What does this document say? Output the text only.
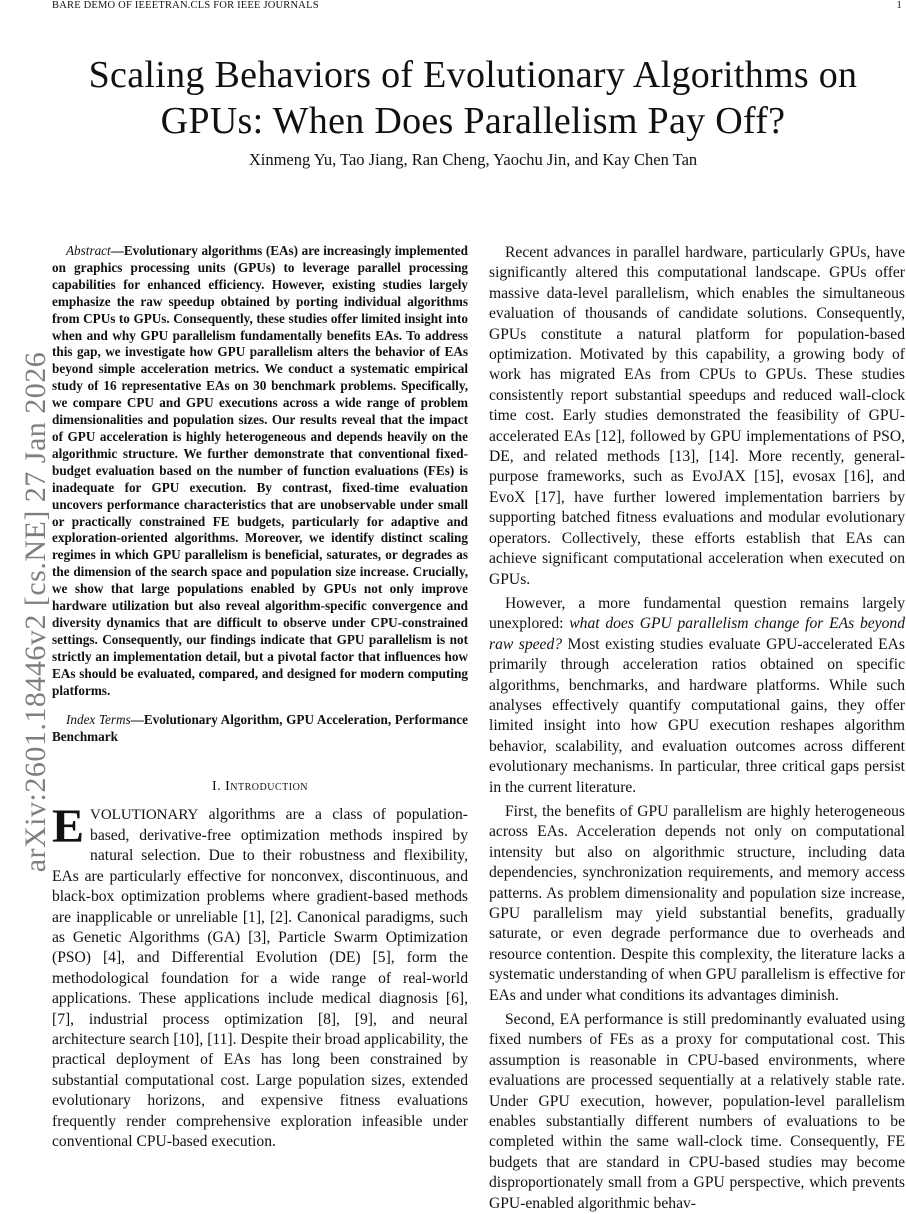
BARE DEMO OF IEEETRAN.CLS FOR IEEE JOURNALS	1
arXiv:2601.18446v2 [cs.NE] 27 Jan 2026
Scaling Behaviors of Evolutionary Algorithms on GPUs: When Does Parallelism Pay Off?
Xinmeng Yu, Tao Jiang, Ran Cheng, Yaochu Jin, and Kay Chen Tan

Abstract—Evolutionary algorithms (EAs) are increasingly implemented on graphics processing units (GPUs) to leverage parallel processing capabilities for enhanced efficiency. However, existing studies largely emphasize the raw speedup obtained by porting individual algorithms from CPUs to GPUs. Consequently, these studies offer limited insight into when and why GPU parallelism fundamentally benefits EAs. To address this gap, we investigate how GPU parallelism alters the behavior of EAs beyond simple acceleration metrics. We conduct a systematic empirical study of 16 representative EAs on 30 benchmark problems. Specifically, we compare CPU and GPU executions across a wide range of problem dimensionalities and population sizes. Our results reveal that the impact of GPU acceleration is highly heterogeneous and depends heavily on the algorithmic structure. We further demonstrate that conventional fixed-budget evaluation based on the number of function evaluations (FEs) is inadequate for GPU execution. By contrast, fixed-time evaluation uncovers performance characteristics that are unobservable under small or practically constrained FE budgets, particularly for adaptive and exploration-oriented algorithms. Moreover, we identify distinct scaling regimes in which GPU parallelism is beneficial, saturates, or degrades as the dimension of the search space and population size increase. Crucially, we show that large populations enabled by GPUs not only improve hardware utilization but also reveal algorithm-specific convergence and diversity dynamics that are difficult to observe under CPU-constrained settings. Consequently, our findings indicate that GPU parallelism is not strictly an implementation detail, but a pivotal factor that influences how EAs should be evaluated, compared, and designed for modern computing platforms.

Index Terms—Evolutionary Algorithm, GPU Acceleration, Performance Benchmark

I. Introduction

EVOLUTIONARY algorithms are a class of population-based, derivative-free optimization methods inspired by natural selection. Due to their robustness and flexibility, EAs are particularly effective for nonconvex, discontinuous, and black-box optimization problems where gradient-based methods are inapplicable or unreliable [1], [2]. Canonical paradigms, such as Genetic Algorithms (GA) [3], Particle Swarm Optimization (PSO) [4], and Differential Evolution (DE) [5], form the methodological foundation for a wide range of real-world applications. These applications include medical diagnosis [6], [7], industrial process optimization [8], [9], and neural architecture search [10], [11]. Despite their broad applicability, the practical deployment of EAs has long been constrained by substantial computational cost. Large population sizes, extended evolutionary horizons, and expensive fitness evaluations frequently render comprehensive exploration infeasible under conventional CPU-based execution.

Recent advances in parallel hardware, particularly GPUs, have significantly altered this computational landscape. GPUs offer massive data-level parallelism, which enables the simultaneous evaluation of thousands of candidate solutions. Consequently, GPUs constitute a natural platform for population-based optimization. Motivated by this capability, a growing body of work has migrated EAs from CPUs to GPUs. These studies consistently report substantial speedups and reduced wall-clock time cost. Early studies demonstrated the feasibility of GPU-accelerated EAs [12], followed by GPU implementations of PSO, DE, and related methods [13], [14]. More recently, general-purpose frameworks, such as EvoJAX [15], evosax [16], and EvoX [17], have further lowered implementation barriers by supporting batched fitness evaluations and modular evolutionary operators. Collectively, these efforts establish that EAs can achieve significant computational acceleration when executed on GPUs.

However, a more fundamental question remains largely unexplored: what does GPU parallelism change for EAs beyond raw speed? Most existing studies evaluate GPU-accelerated EAs primarily through acceleration ratios obtained on specific algorithms, benchmarks, and hardware platforms. While such analyses effectively quantify computational gains, they offer limited insight into how GPU execution reshapes algorithm behavior, scalability, and evaluation outcomes across different evolutionary mechanisms. In particular, three critical gaps persist in the current literature.

First, the benefits of GPU parallelism are highly heterogeneous across EAs. Acceleration depends not only on computational intensity but also on algorithmic structure, including data dependencies, synchronization requirements, and memory access patterns. As problem dimensionality and population size increase, GPU parallelism may yield substantial benefits, gradually saturate, or even degrade performance due to overheads and resource contention. Despite this complexity, the literature lacks a systematic understanding of when GPU parallelism is effective for EAs and under what conditions its advantages diminish.

Second, EA performance is still predominantly evaluated using fixed numbers of FEs as a proxy for computational cost. This assumption is reasonable in CPU-based environments, where evaluations are processed sequentially at a relatively stable rate. Under GPU execution, however, population-level parallelism enables substantially different numbers of evaluations to be completed within the same wall-clock time. Consequently, FE budgets that are standard in CPU-based studies may become disproportionately small from a GPU perspective, which prevents GPU-enabled algorithmic behav-
